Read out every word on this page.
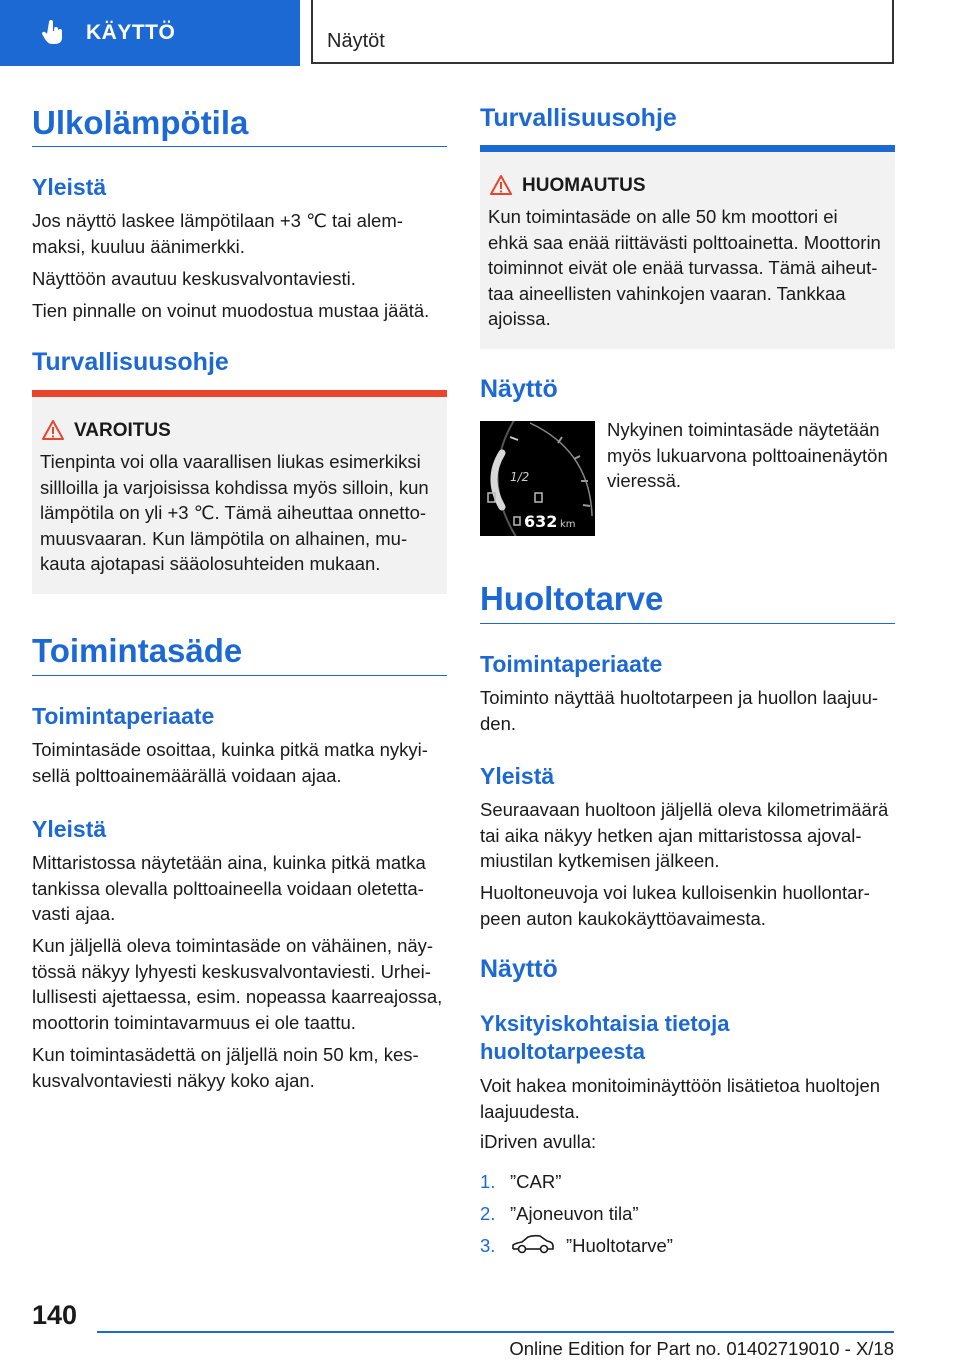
KÄYTTÖ	Näytöt
Ulkolämpötila
Yleistä
Jos näyttö laskee lämpötilaan +3 ℃ tai alem-
maksi, kuuluu äänimerkki.
Näyttöön avautuu keskusvalvontaviesti.
Tien pinnalle on voinut muodostua mustaa jäätä.
Turvallisuusohje
VAROITUS
Tienpinta voi olla vaarallisen liukas esimerkiksi sillloilla ja varjoisissa kohdissa myös silloin, kun lämpötila on yli +3 ℃. Tämä aiheuttaa onnetto-muusvaaran. Kun lämpötila on alhainen, mu-kauta ajotapasi sääolosuhteiden mukaan.
Toimintasäde
Toimintaperiaate
Toimintasäde osoittaa, kuinka pitkä matka nykyi-
sellä polttoainemäärällä voidaan ajaa.
Yleistä
Mittaristossa näytetään aina, kuinka pitkä matka
tankissa olevalla polttoaineella voidaan oletetta-
vasti ajaa.
Kun jäljellä oleva toimintasäde on vähäinen, näy-
tössä näkyy lyhyesti keskusvalvontaviesti. Urhei-
lullisesti ajettaessa, esim. nopeassa kaarreajossa,
moottorin toimintavarmuus ei ole taattu.
Kun toimintasädettä on jäljellä noin 50 km, kes-
kusvalvontaviesti näkyy koko ajan.
Turvallisuusohje
HUOMAUTUS
Kun toimintasäde on alle 50 km moottori ei
ehkä saa enää riittävästi polttoainetta. Moottorin
toiminnot eivät ole enää turvassa. Tämä aiheut-
taa aineellisten vahinkojen vaaran. Tankkaa
ajoissa.
Näyttö
1/2
632 km
Nykyinen toimintasäde näytetään
myös lukuarvona polttoainenäytön
vieressä.
Huoltotarve
Toimintaperiaate
Toiminto näyttää huoltotarpeen ja huollon laajuu-
den.
Yleistä
Seuraavaan huoltoon jäljellä oleva kilometrimäärä
tai aika näkyy hetken ajan mittaristossa ajoval-
miustilan kytkemisen jälkeen.
Huoltoneuvoja voi lukea kulloisenkin huollontar-
peen auton kaukokäyttöavaimesta.
Näyttö
Yksityiskohtaisia tietoja
huoltotarpeesta
Voit hakea monitoiminäyttöön lisätietoa huoltojen
laajuudesta.
iDriven avulla:
1. ”CAR”
2. ”Ajoneuvon tila”
3.	”Huoltotarve”
140
Online Edition for Part no. 01402719010 - X/18
